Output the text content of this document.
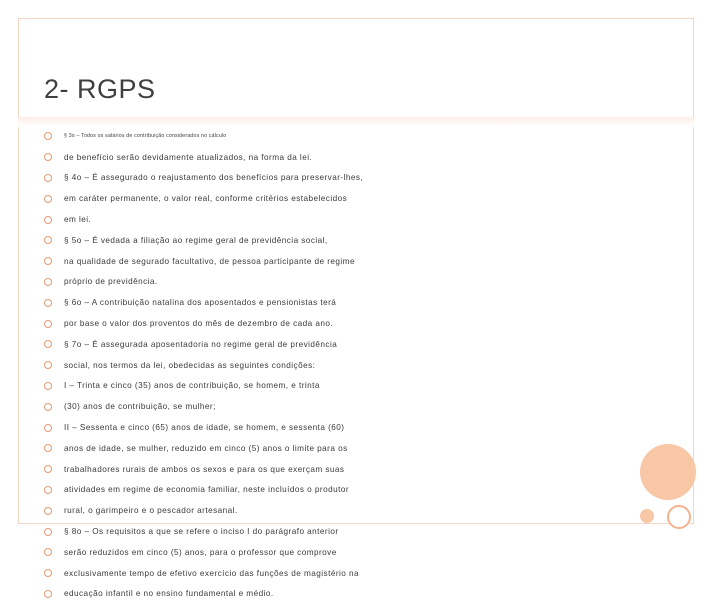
2- RGPS
§ 3o – Todos os salários de contribuição considerados no cálculo
de benefício serão devidamente atualizados, na forma da lei.
§ 4o – É assegurado o reajustamento dos benefícios para preservar-lhes,
em caráter permanente, o valor real, conforme critérios estabelecidos
em lei.
§ 5o – É vedada a filiação ao regime geral de previdência social,
na qualidade de segurado facultativo, de pessoa participante de regime
próprio de previdência.
§ 6o – A contribuição natalina dos aposentados e pensionistas terá
por base o valor dos proventos do mês de dezembro de cada ano.
§ 7o – É assegurada aposentadoria no regime geral de previdência
social, nos termos da lei, obedecidas as seguintes condições:
I – Trinta e cinco (35) anos de contribuição, se homem, e trinta
(30) anos de contribuição, se mulher;
II – Sessenta e cinco (65) anos de idade, se homem, e sessenta (60)
anos de idade, se mulher, reduzido em cinco (5) anos o limite para os
trabalhadores rurais de ambos os sexos e para os que exerçam suas
atividades em regime de economia familiar, neste incluídos o produtor
rural, o garimpeiro e o pescador artesanal.
§ 8o – Os requisitos a que se refere o inciso I do parágrafo anterior
serão reduzidos em cinco (5) anos, para o professor que comprove
exclusivamente tempo de efetivo exercício das funções de magistério na
educação infantil e no ensino fundamental e médio.
